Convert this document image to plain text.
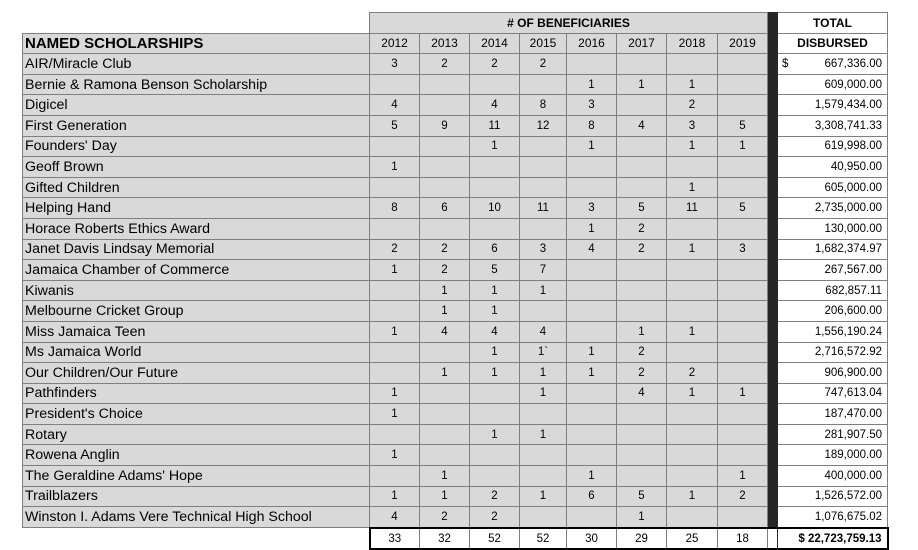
	# OF BENEFICIARIES									TOTAL
NAMED SCHOLARSHIPS	2012	2013	2014	2015	2016	2017	2018	2019		DISBURSED
AIR/Miracle Club	3	2	2	2						$ 667,336.00
Bernie & Ramona Benson Scholarship					1	1	1			609,000.00
Digicel	4		4	8	3		2			1,579,434.00
First Generation	5	9	11	12	8	4	3	5		3,308,741.33
Founders' Day			1		1		1	1		619,998.00
Geoff Brown	1									40,950.00
Gifted Children							1			605,000.00
Helping Hand	8	6	10	11	3	5	11	5		2,735,000.00
Horace Roberts Ethics Award					1	2				130,000.00
Janet Davis Lindsay Memorial	2	2	6	3	4	2	1	3		1,682,374.97
Jamaica Chamber of Commerce	1	2	5	7						267,567.00
Kiwanis		1	1	1						682,857.11
Melbourne Cricket Group		1	1							206,600.00
Miss Jamaica Teen	1	4	4	4		1	1			1,556,190.24
Ms Jamaica World			1	1`	1	2				2,716,572.92
Our Children/Our Future		1	1	1	1	2	2			906,900.00
Pathfinders	1			1		4	1	1		747,613.04
President's Choice	1									187,470.00
Rotary			1	1						281,907.50
Rowena Anglin	1									189,000.00
The Geraldine Adams' Hope		1			1			1		400,000.00
Trailblazers	1	1	2	1	6	5	1	2		1,526,572.00
Winston I. Adams Vere Technical High School	4	2	2			1				1,076,675.02
	33	32	52	52	30	29	25	18		$ 22,723,759.13
